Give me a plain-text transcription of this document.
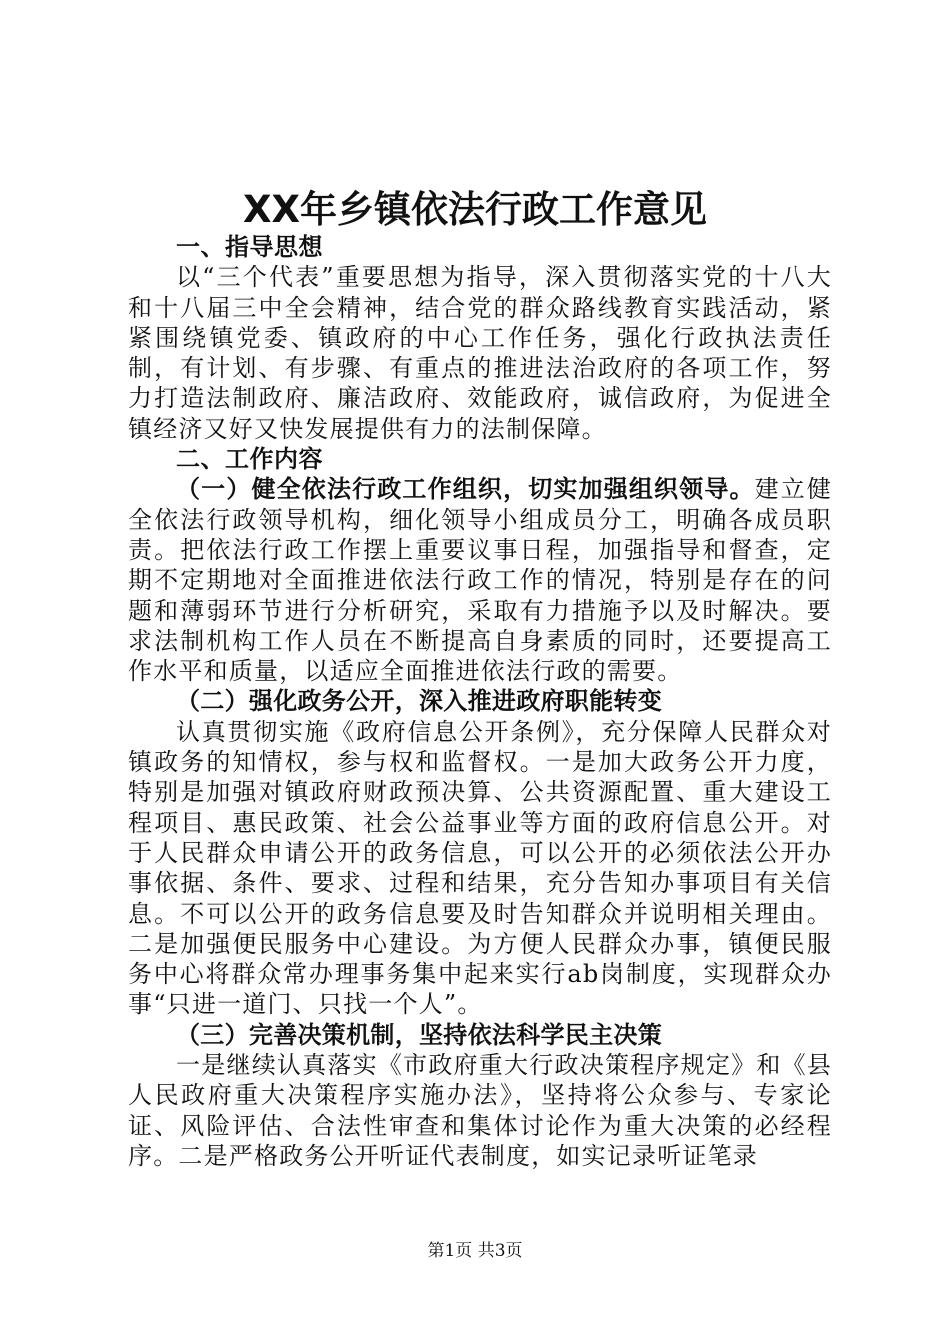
XX年乡镇依法行政工作意见

一、指导思想

以“三个代表”重要思想为指导，深入贯彻落实党的十八大和十八届三中全会精神，结合党的群众路线教育实践活动，紧紧围绕镇党委、镇政府的中心工作任务，强化行政执法责任制，有计划、有步骤、有重点的推进法治政府的各项工作，努力打造法制政府、廉洁政府、效能政府，诚信政府，为促进全镇经济又好又快发展提供有力的法制保障。

二、工作内容

（一）健全依法行政工作组织，切实加强组织领导。建立健全依法行政领导机构，细化领导小组成员分工，明确各成员职责。把依法行政工作摆上重要议事日程，加强指导和督查，定期不定期地对全面推进依法行政工作的情况，特别是存在的问题和薄弱环节进行分析研究，采取有力措施予以及时解决。要求法制机构工作人员在不断提高自身素质的同时，还要提高工作水平和质量，以适应全面推进依法行政的需要。

（二）强化政务公开，深入推进政府职能转变

认真贯彻实施《政府信息公开条例》，充分保障人民群众对镇政务的知情权，参与权和监督权。一是加大政务公开力度，特别是加强对镇政府财政预决算、公共资源配置、重大建设工程项目、惠民政策、社会公益事业等方面的政府信息公开。对于人民群众申请公开的政务信息，可以公开的必须依法公开办事依据、条件、要求、过程和结果，充分告知办事项目有关信息。不可以公开的政务信息要及时告知群众并说明相关理由。二是加强便民服务中心建设。为方便人民群众办事，镇便民服务中心将群众常办理事务集中起来实行ab岗制度，实现群众办事“只进一道门、只找一个人”。

（三）完善决策机制，坚持依法科学民主决策

一是继续认真落实《市政府重大行政决策程序规定》和《县人民政府重大决策程序实施办法》，坚持将公众参与、专家论证、风险评估、合法性审查和集体讨论作为重大决策的必经程序。二是严格政务公开听证代表制度，如实记录听证笔录

第1页 共3页
